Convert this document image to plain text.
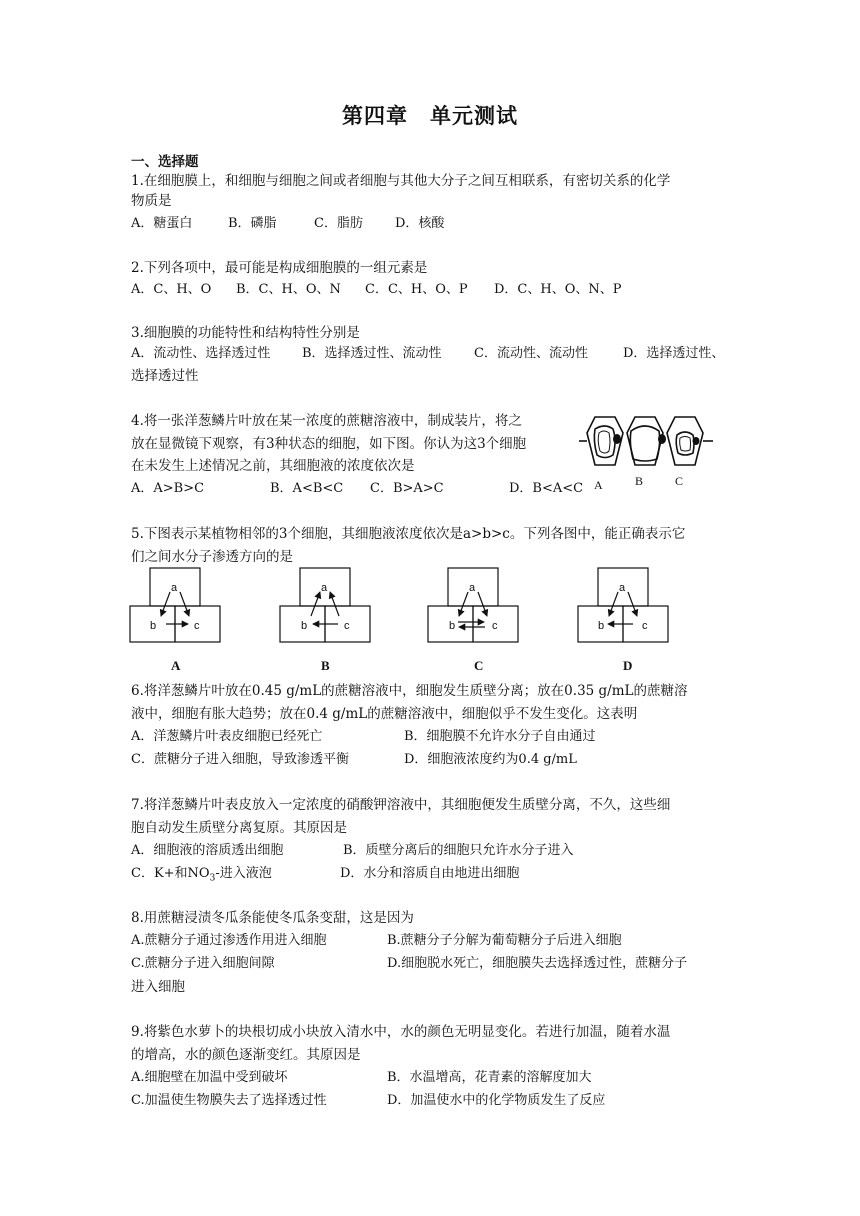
第四章 单元测试
一、选择题
1.在细胞膜上，和细胞与细胞之间或者细胞与其他大分子之间互相联系，有密切关系的化学
物质是
A．糖蛋白	B．磷脂	C．脂肪 D．核酸
2.下列各项中，最可能是构成细胞膜的一组元素是
A．C、H、O B．C、H、O、N C．C、H、O、P D．C、H、O、N、P
3.细胞膜的功能特性和结构特性分别是
A．流动性、选择透过性 B．选择透过性、流动性 C．流动性、流动性	D．选择透过性、
选择透过性
4.将一张洋葱鳞片叶放在某一浓度的蔗糖溶液中，制成装片，将之
放在显微镜下观察，有3种状态的细胞，如下图。你认为这3个细胞
在未发生上述情况之前，其细胞液的浓度依次是
A．A>B>C	B．A<B<C C．B>A>C	D．B<A<C A	B	C
5.下图表示某植物相邻的3个细胞，其细胞液浓度依次是a>b>c。下列各图中，能正确表示它
们之间水分子渗透方向的是
a
b	c
a
b	c
a
b	c
a
b	c
A	B	C	D
6.将洋葱鳞片叶放在0.45 g/mL的蔗糖溶液中，细胞发生质壁分离；放在0.35 g/mL的蔗糖溶
液中，细胞有胀大趋势；放在0.4 g/mL的蔗糖溶液中，细胞似乎不发生变化。这表明
A．洋葱鳞片叶表皮细胞已经死亡	B．细胞膜不允许水分子自由通过
C．蔗糖分子进入细胞，导致渗透平衡	D．细胞液浓度约为0.4 g/mL
7.将洋葱鳞片叶表皮放入一定浓度的硝酸钾溶液中，其细胞便发生质壁分离，不久，这些细
胞自动发生质壁分离复原。其原因是
A．细胞液的溶质透出细胞	B．质壁分离后的细胞只允许水分子进入
C．K+和$NO_3-$进入液泡	D．水分和溶质自由地进出细胞
8.用蔗糖浸渍冬瓜条能使冬瓜条变甜，这是因为
A.蔗糖分子通过渗透作用进入细胞	B.蔗糖分子分解为葡萄糖分子后进入细胞
C.蔗糖分子进入细胞间隙	D.细胞脱水死亡，细胞膜失去选择透过性，蔗糖分子
进入细胞
9.将紫色水萝卜的块根切成小块放入清水中，水的颜色无明显变化。若进行加温，随着水温
的增高，水的颜色逐渐变红。其原因是
A.细胞壁在加温中受到破坏	B．水温增高，花青素的溶解度加大
C.加温使生物膜失去了选择透过性	D．加温使水中的化学物质发生了反应
